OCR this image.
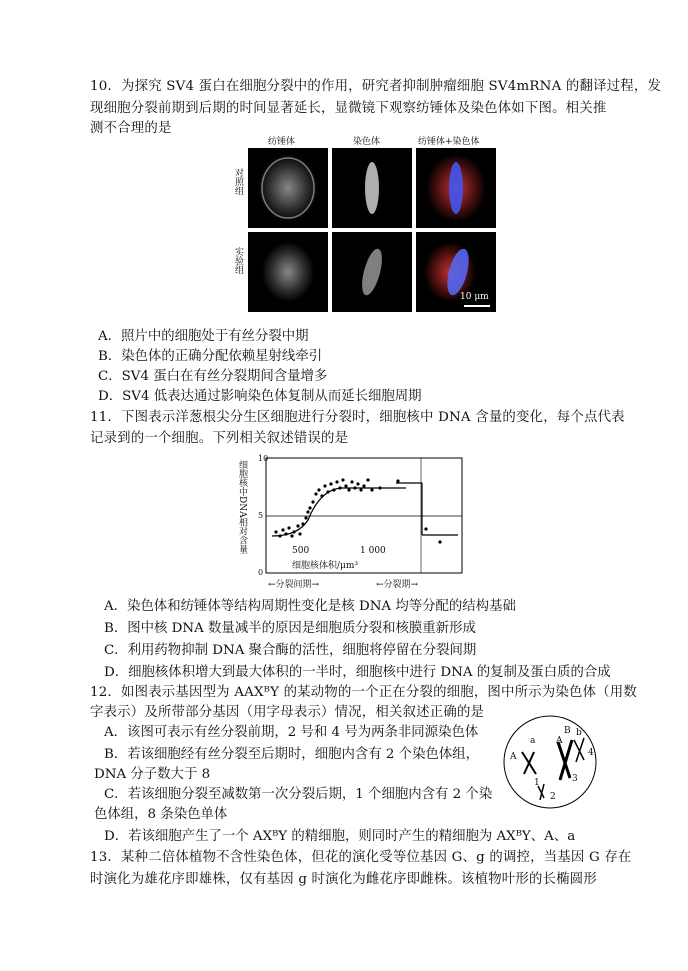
10．为探究 SV4 蛋白在细胞分裂中的作用，研究者抑制肿瘤细胞 SV4mRNA 的翻译过程，发
现细胞分裂前期到后期的时间显著延长，显微镜下观察纺锤体及染色体如下图。相关推
测不合理的是
纺锤体	染色体	纺锤体+染色体
对照组
实验组
10 μm
A．照片中的细胞处于有丝分裂中期
B．染色体的正确分配依赖星射线牵引
C．SV4 蛋白在有丝分裂期间含量增多
D．SV4 低表达通过影响染色体复制从而延长细胞周期
11．下图表示洋葱根尖分生区细胞进行分裂时，细胞核中 DNA 含量的变化，每个点代表
记录到的一个细胞。下列相关叙述错误的是
细胞核中DNA相对含量
10
5
0
500	1 000
细胞核体积/μm³
←分裂间期→	←分裂期→
A．染色体和纺锤体等结构周期性变化是核 DNA 均等分配的结构基础
B．图中核 DNA 数量减半的原因是细胞质分裂和核膜重新形成
C．利用药物抑制 DNA 聚合酶的活性，细胞将停留在分裂间期
D．细胞核体积增大到最大体积的一半时，细胞核中进行 DNA 的复制及蛋白质的合成
12．如图表示基因型为 AAXᴮY 的某动物的一个正在分裂的细胞，图中所示为染色体（用数
字表示）及所带部分基因（用字母表示）情况，相关叙述正确的是
A．该图可表示有丝分裂前期，2 号和 4 号为两条非同源染色体
B．若该细胞经有丝分裂至后期时，细胞内含有 2 个染色体组，
DNA 分子数大于 8
C．若该细胞分裂至减数第一次分裂后期，1 个细胞内含有 2 个染
色体组，8 条染色单体
D．若该细胞产生了一个 AXᴮY 的精细胞，则同时产生的精细胞为 AXᴮY、A、a
a
A
B
A
b
1
2
3
4
13．某种二倍体植物不含性染色体，但花的演化受等位基因 G、g 的调控，当基因 G 存在
时演化为雄花序即雄株，仅有基因 g 时演化为雌花序即雌株。该植物叶形的长椭圆形
